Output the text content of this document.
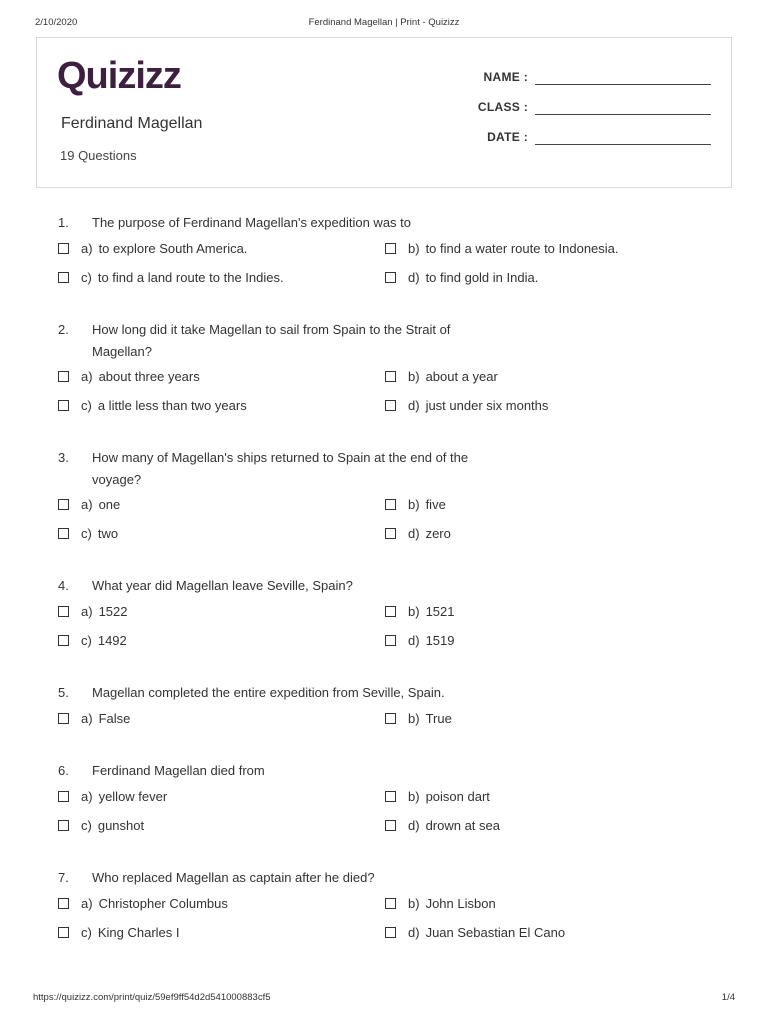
2/10/2020	Ferdinand Magellan | Print - Quizizz
Quizizz
Ferdinand Magellan
19 Questions
NAME :
CLASS :
DATE :
1.	The purpose of Ferdinand Magellan's expedition was to
a) to explore South America.	b) to find a water route to Indonesia.
c) to find a land route to the Indies.	d) to find gold in India.
2.	How long did it take Magellan to sail from Spain to the Strait of Magellan?
a) about three years	b) about a year
c) a little less than two years	d) just under six months
3.	How many of Magellan's ships returned to Spain at the end of the voyage?
a) one	b) five
c) two	d) zero
4.	What year did Magellan leave Seville, Spain?
a) 1522	b) 1521
c) 1492	d) 1519
5.	Magellan completed the entire expedition from Seville, Spain.
a) False	b) True
6.	Ferdinand Magellan died from
a) yellow fever	b) poison dart
c) gunshot	d) drown at sea
7.	Who replaced Magellan as captain after he died?
a) Christopher Columbus	b) John Lisbon
c) King Charles I	d) Juan Sebastian El Cano
https://quizizz.com/print/quiz/59ef9ff54d2d541000883cf5	1/4
